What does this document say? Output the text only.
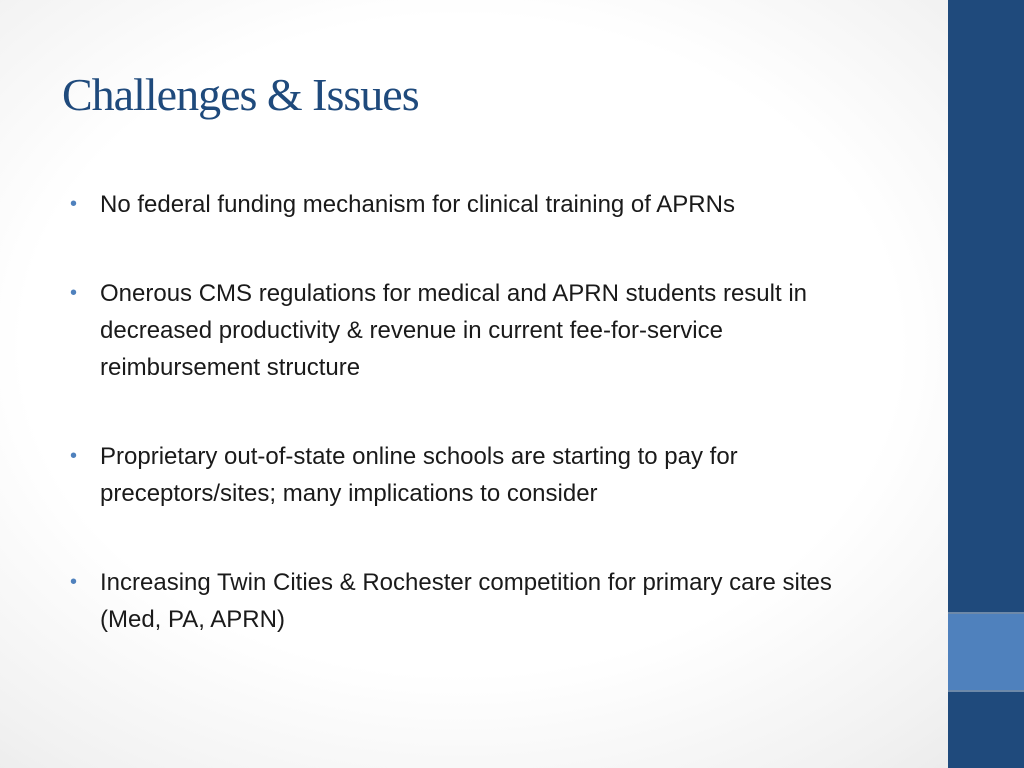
Challenges & Issues
• No federal funding mechanism for clinical training of APRNs
• Onerous CMS regulations for medical and APRN students result in decreased productivity & revenue in current fee-for-service reimbursement structure
• Proprietary out-of-state online schools are starting to pay for preceptors/sites; many implications to consider
• Increasing Twin Cities & Rochester competition for primary care sites (Med, PA, APRN)
